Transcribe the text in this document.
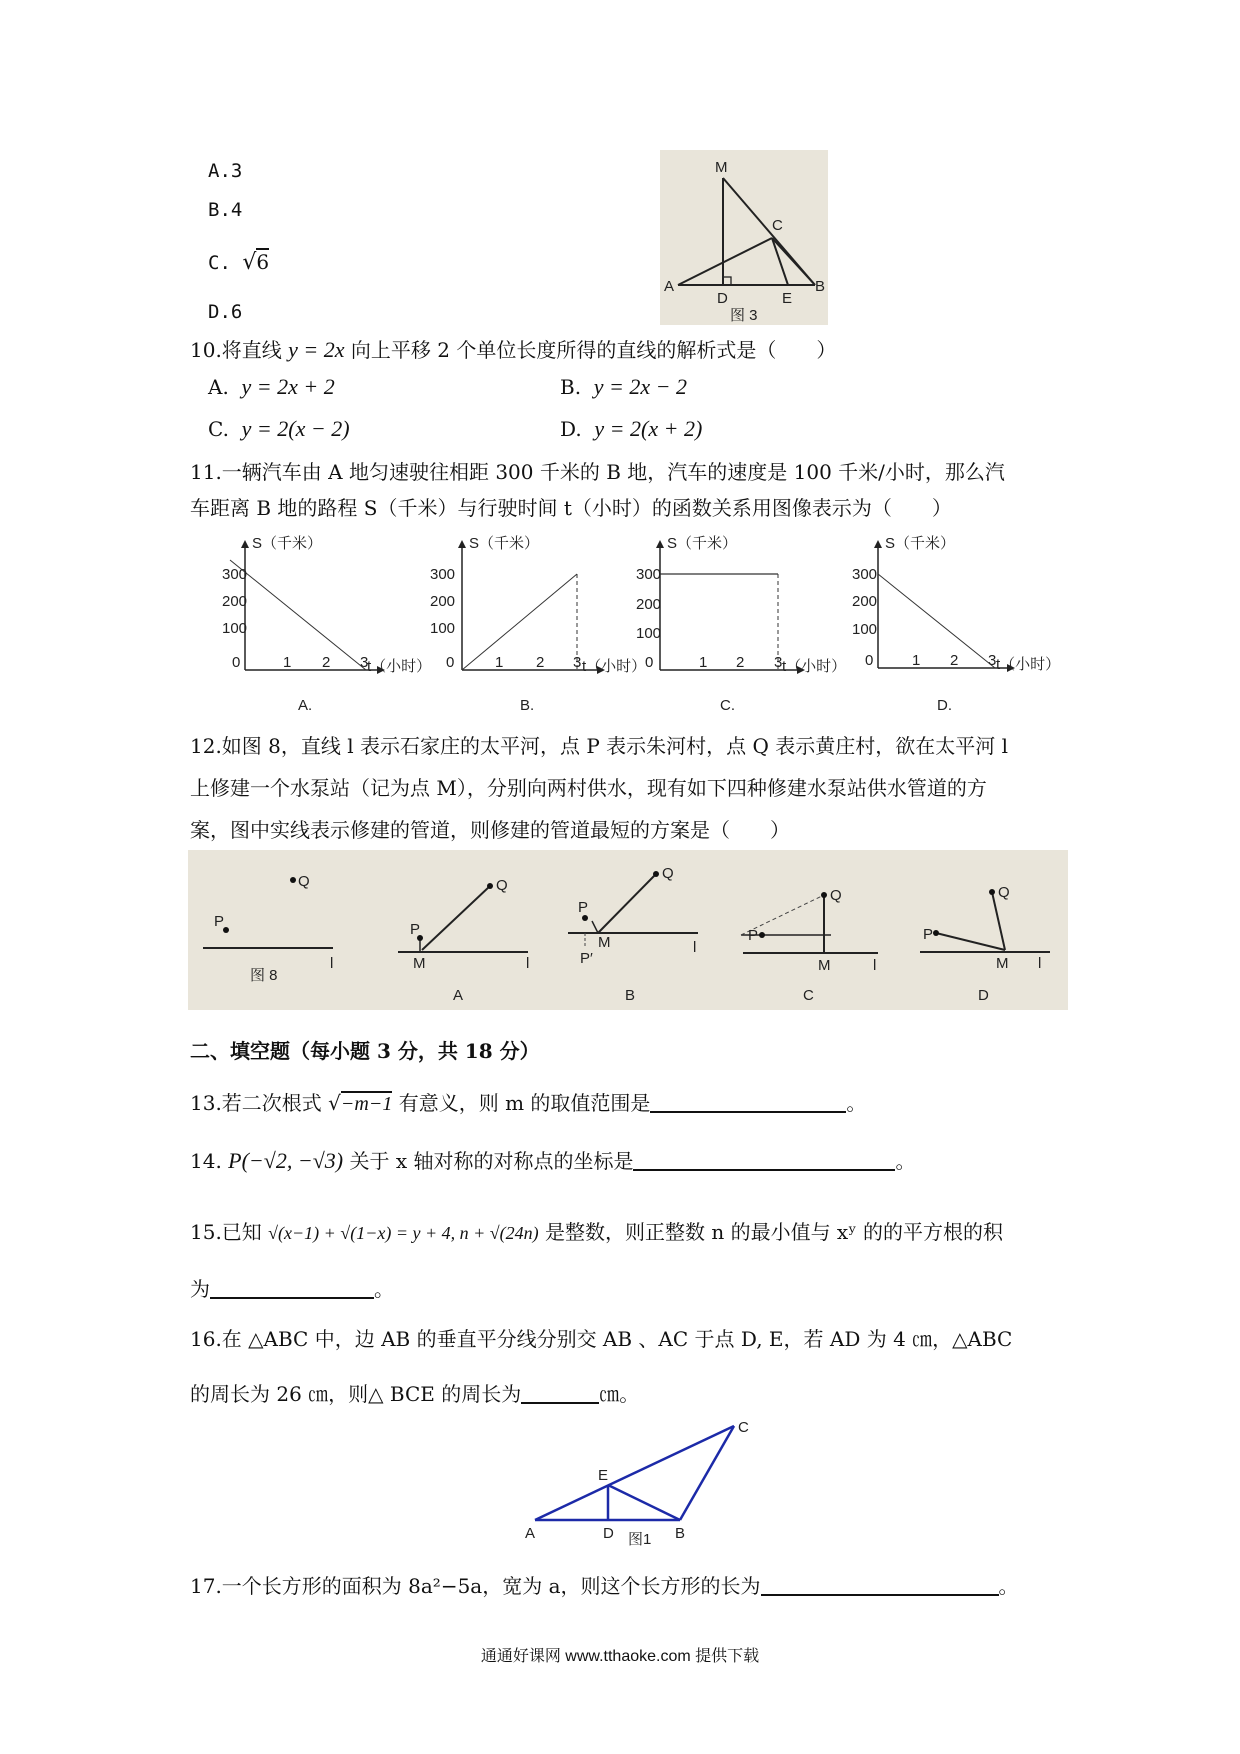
A.3
B.4
C. √6
D.6
M
C
A
D	E
B
图 3
10.将直线 y = 2x 向上平移 2 个单位长度所得的直线的解析式是（　　）
A. y = 2x + 2	B. y = 2x − 2
C. y = 2(x − 2)	D. y = 2(x + 2)
11.一辆汽车由 A 地匀速驶往相距 300 千米的 B 地，汽车的速度是 100 千米/小时，那么汽
车距离 B 地的路程 S（千米）与行驶时间 t（小时）的函数关系用图像表示为（　　）
S（千米）
300
200
100
0	1 2 3
t（小时）
A.
S（千米）
300
200
100
0	1 2 3 t（小时）
B.
S（千米）
300
200
100
0	1 2 3 t（小时）
C.
S（千米）
300
200
100
0	1 2 3 t（小时）
D.
12.如图 8，直线 l 表示石家庄的太平河，点 P 表示朱河村，点 Q 表示黄庄村，欲在太平河 l
上修建一个水泵站（记为点 M），分别向两村供水，现有如下四种修建水泵站供水管道的方
案，图中实线表示修建的管道，则修建的管道最短的方案是（　　）
Q
P
l
图 8
Q
P
M	l
A
Q
P
M
P′
l
B
Q
P
M	l
C
Q
P
M l
D
二、填空题（每小题 3 分，共 18 分）
13.若二次根式 √−m−1 有意义，则 m 的取值范围是	。
14. P(−√2, −√3) 关于 x 轴对称的对称点的坐标是	。
15.已知 √(x−1) + √(1−x) = y + 4, n + √(24n) 是整数，则正整数 n 的最小值与 xʸ 的的平方根的积
为	。
16.在 △ABC 中，边 AB 的垂直平分线分别交 AB 、AC 于点 D, E，若 AD 为 4 ㎝，△ABC
的周长为 26 ㎝，则△ BCE 的周长为	㎝。
A	D	B
E
C
图1
17.一个长方形的面积为 8a²−5a，宽为 a，则这个长方形的长为	。
通通好课网 www.tthaoke.com 提供下载
